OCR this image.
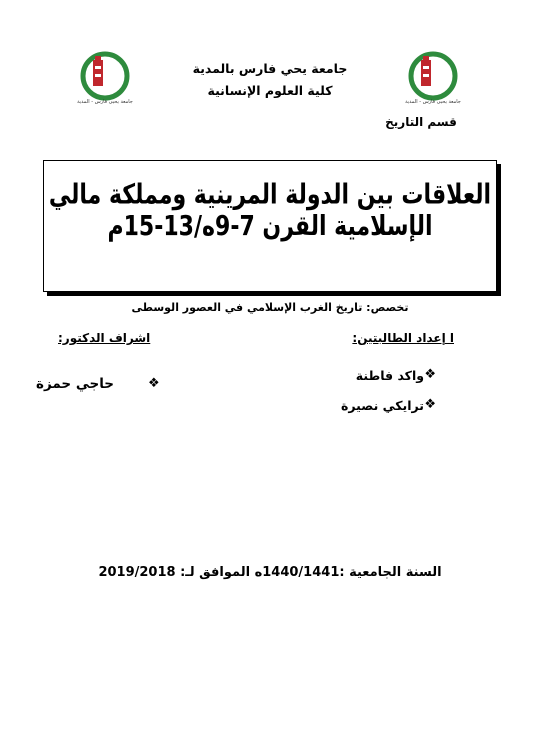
جامعة يحيى فارس - المدية	جامعة يحيى فارس - المدية
جامعة يحي فارس بالمدية
كلية العلوم الإنسانية
قسم التاريخ
العلاقات بين الدولة المرينية ومملكة مالي الإسلامية القرن 7-9ه/13-15م
تخصص: تاريخ الغرب الإسلامي في العصور الوسطى
ا إعداد الطالبتين:
اشراف الدكتور:
❖
واكد فاطنة
❖
ترايكي نصيرة
❖
حاجي حمزة
السنة الجامعية :1440/1441ه الموافق لـ: 2019/2018
